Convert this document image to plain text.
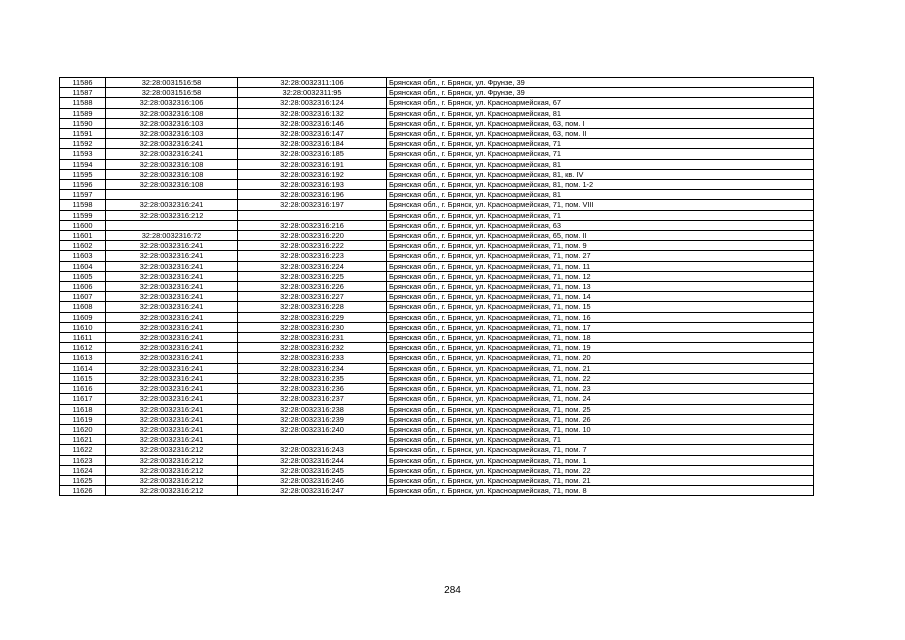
11586	32:28:0031516:58	32:28:0032311:106	Брянская обл., г. Брянск, ул. Фрунзе, 39
11587	32:28:0031516:58	32:28:0032311:95	Брянская обл., г. Брянск, ул. Фрунзе, 39
11588	32:28:0032316:106	32:28:0032316:124	Брянская обл., г. Брянск, ул. Красноармейская, 67
11589	32:28:0032316:108	32:28:0032316:132	Брянская обл., г. Брянск, ул. Красноармейская, 81
11590	32:28:0032316:103	32:28:0032316:146	Брянская обл., г. Брянск, ул. Красноармейская, 63, пом. I
11591	32:28:0032316:103	32:28:0032316:147	Брянская обл., г. Брянск, ул. Красноармейская, 63, пом. II
11592	32:28:0032316:241	32:28:0032316:184	Брянская обл., г. Брянск, ул. Красноармейская, 71
11593	32:28:0032316:241	32:28:0032316:185	Брянская обл., г. Брянск, ул. Красноармейская, 71
11594	32:28:0032316:108	32:28:0032316:191	Брянская обл., г. Брянск, ул. Красноармейская, 81
11595	32:28:0032316:108	32:28:0032316:192	Брянская обл., г. Брянск, ул. Красноармейская, 81, кв. IV
11596	32:28:0032316:108	32:28:0032316:193	Брянская обл., г. Брянск, ул. Красноармейская, 81, пом. 1-2
11597		32:28:0032316:196	Брянская обл., г. Брянск, ул. Красноармейская, 81
11598	32:28:0032316:241	32:28:0032316:197	Брянская обл., г. Брянск, ул. Красноармейская, 71, пом. VIII
11599	32:28:0032316:212		Брянская обл., г. Брянск, ул. Красноармейская, 71
11600		32:28:0032316:216	Брянская обл., г. Брянск, ул. Красноармейская, 63
11601	32:28:0032316:72	32:28:0032316:220	Брянская обл., г. Брянск, ул. Красноармейская, 65, пом. II
11602	32:28:0032316:241	32:28:0032316:222	Брянская обл., г. Брянск, ул. Красноармейская, 71, пом. 9
11603	32:28:0032316:241	32:28:0032316:223	Брянская обл., г. Брянск, ул. Красноармейская, 71, пом. 27
11604	32:28:0032316:241	32:28:0032316:224	Брянская обл., г. Брянск, ул. Красноармейская, 71, пом. 11
11605	32:28:0032316:241	32:28:0032316:225	Брянская обл., г. Брянск, ул. Красноармейская, 71, пом. 12
11606	32:28:0032316:241	32:28:0032316:226	Брянская обл., г. Брянск, ул. Красноармейская, 71, пом. 13
11607	32:28:0032316:241	32:28:0032316:227	Брянская обл., г. Брянск, ул. Красноармейская, 71, пом. 14
11608	32:28:0032316:241	32:28:0032316:228	Брянская обл., г. Брянск, ул. Красноармейская, 71, пом. 15
11609	32:28:0032316:241	32:28:0032316:229	Брянская обл., г. Брянск, ул. Красноармейская, 71, пом. 16
11610	32:28:0032316:241	32:28:0032316:230	Брянская обл., г. Брянск, ул. Красноармейская, 71, пом. 17
11611	32:28:0032316:241	32:28:0032316:231	Брянская обл., г. Брянск, ул. Красноармейская, 71, пом. 18
11612	32:28:0032316:241	32:28:0032316:232	Брянская обл., г. Брянск, ул. Красноармейская, 71, пом. 19
11613	32:28:0032316:241	32:28:0032316:233	Брянская обл., г. Брянск, ул. Красноармейская, 71, пом. 20
11614	32:28:0032316:241	32:28:0032316:234	Брянская обл., г. Брянск, ул. Красноармейская, 71, пом. 21
11615	32:28:0032316:241	32:28:0032316:235	Брянская обл., г. Брянск, ул. Красноармейская, 71, пом. 22
11616	32:28:0032316:241	32:28:0032316:236	Брянская обл., г. Брянск, ул. Красноармейская, 71, пом. 23
11617	32:28:0032316:241	32:28:0032316:237	Брянская обл., г. Брянск, ул. Красноармейская, 71, пом. 24
11618	32:28:0032316:241	32:28:0032316:238	Брянская обл., г. Брянск, ул. Красноармейская, 71, пом. 25
11619	32:28:0032316:241	32:28:0032316:239	Брянская обл., г. Брянск, ул. Красноармейская, 71, пом. 26
11620	32:28:0032316:241	32:28:0032316:240	Брянская обл., г. Брянск, ул. Красноармейская, 71, пом. 10
11621	32:28:0032316:241		Брянская обл., г. Брянск, ул. Красноармейская, 71
11622	32:28:0032316:212	32:28:0032316:243	Брянская обл., г. Брянск, ул. Красноармейская, 71, пом. 7
11623	32:28:0032316:212	32:28:0032316:244	Брянская обл., г. Брянск, ул. Красноармейская, 71, пом. 1
11624	32:28:0032316:212	32:28:0032316:245	Брянская обл., г. Брянск, ул. Красноармейская, 71, пом. 22
11625	32:28:0032316:212	32:28:0032316:246	Брянская обл., г. Брянск, ул. Красноармейская, 71, пом. 21
11626	32:28:0032316:212	32:28:0032316:247	Брянская обл., г. Брянск, ул. Красноармейская, 71, пом. 8
284
